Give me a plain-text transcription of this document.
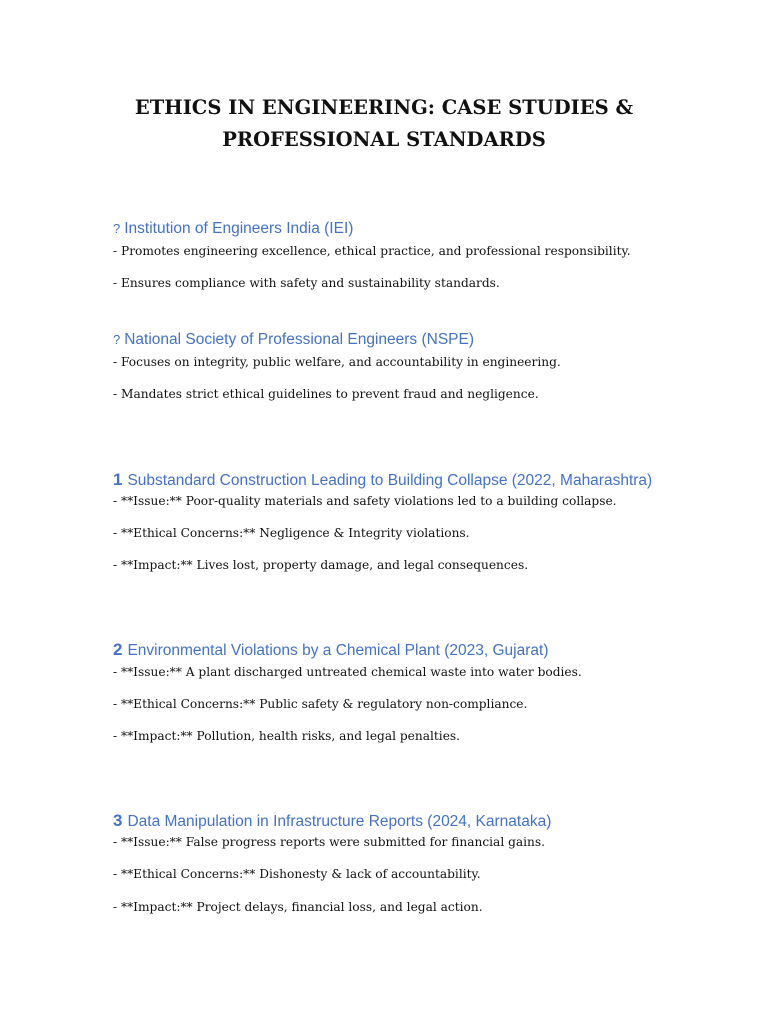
ETHICS IN ENGINEERING: CASE STUDIES &
PROFESSIONAL STANDARDS
? Institution of Engineers India (IEI)

- Promotes engineering excellence, ethical practice, and professional responsibility.

- Ensures compliance with safety and sustainability standards.

? National Society of Professional Engineers (NSPE)

- Focuses on integrity, public welfare, and accountability in engineering.

- Mandates strict ethical guidelines to prevent fraud and negligence.

1 Substandard Construction Leading to Building Collapse (2022, Maharashtra)

- **Issue:** Poor-quality materials and safety violations led to a building collapse.

- **Ethical Concerns:** Negligence & Integrity violations.

- **Impact:** Lives lost, property damage, and legal consequences.

2 Environmental Violations by a Chemical Plant (2023, Gujarat)

- **Issue:** A plant discharged untreated chemical waste into water bodies.

- **Ethical Concerns:** Public safety & regulatory non-compliance.

- **Impact:** Pollution, health risks, and legal penalties.

3 Data Manipulation in Infrastructure Reports (2024, Karnataka)

- **Issue:** False progress reports were submitted for financial gains.

- **Ethical Concerns:** Dishonesty & lack of accountability.

- **Impact:** Project delays, financial loss, and legal action.
